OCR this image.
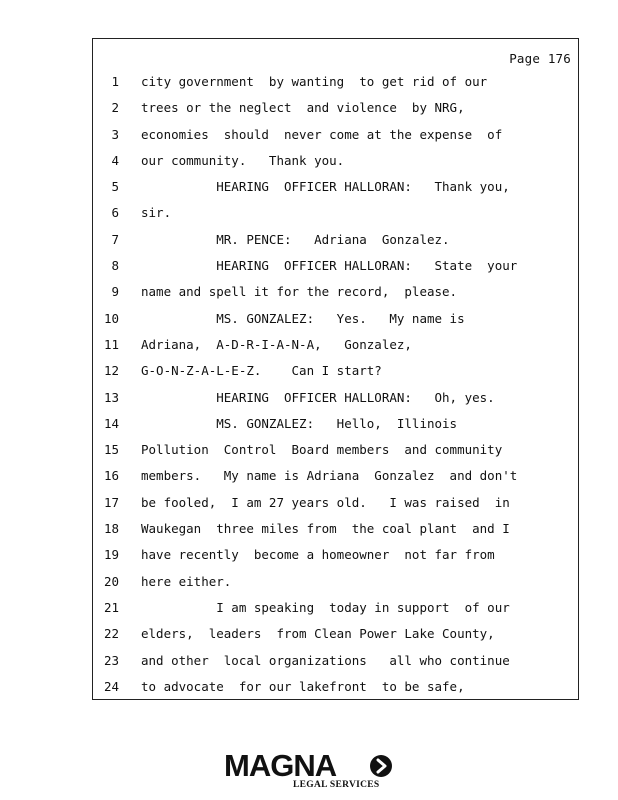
Page 176
1 city government  by wanting  to get rid of our
2 trees or the neglect  and violence  by NRG,
3 economies  should  never come at the expense  of
4 our community.   Thank you.
5 HEARING  OFFICER HALLORAN:   Thank you,
6 sir.
7 MR. PENCE:   Adriana  Gonzalez.
8 HEARING  OFFICER HALLORAN:   State  your
9 name and spell it for the record,  please.
10 MS. GONZALEZ:   Yes.   My name is
11 Adriana,  A-D-R-I-A-N-A,   Gonzalez,
12 G-O-N-Z-A-L-E-Z.    Can I start?
13 HEARING  OFFICER HALLORAN:   Oh, yes.
14 MS. GONZALEZ:   Hello,  Illinois
15 Pollution  Control  Board members  and community
16 members.   My name is Adriana  Gonzalez  and don't
17 be fooled,  I am 27 years old.   I was raised  in
18 Waukegan  three miles from  the coal plant  and I
19 have recently  become a homeowner  not far from
20 here either.
21 I am speaking  today in support  of our
22 elders,  leaders  from Clean Power Lake County,
23 and other  local organizations   all who continue
24 to advocate  for our lakefront  to be safe,
MAGNA
LEGAL SERVICES
